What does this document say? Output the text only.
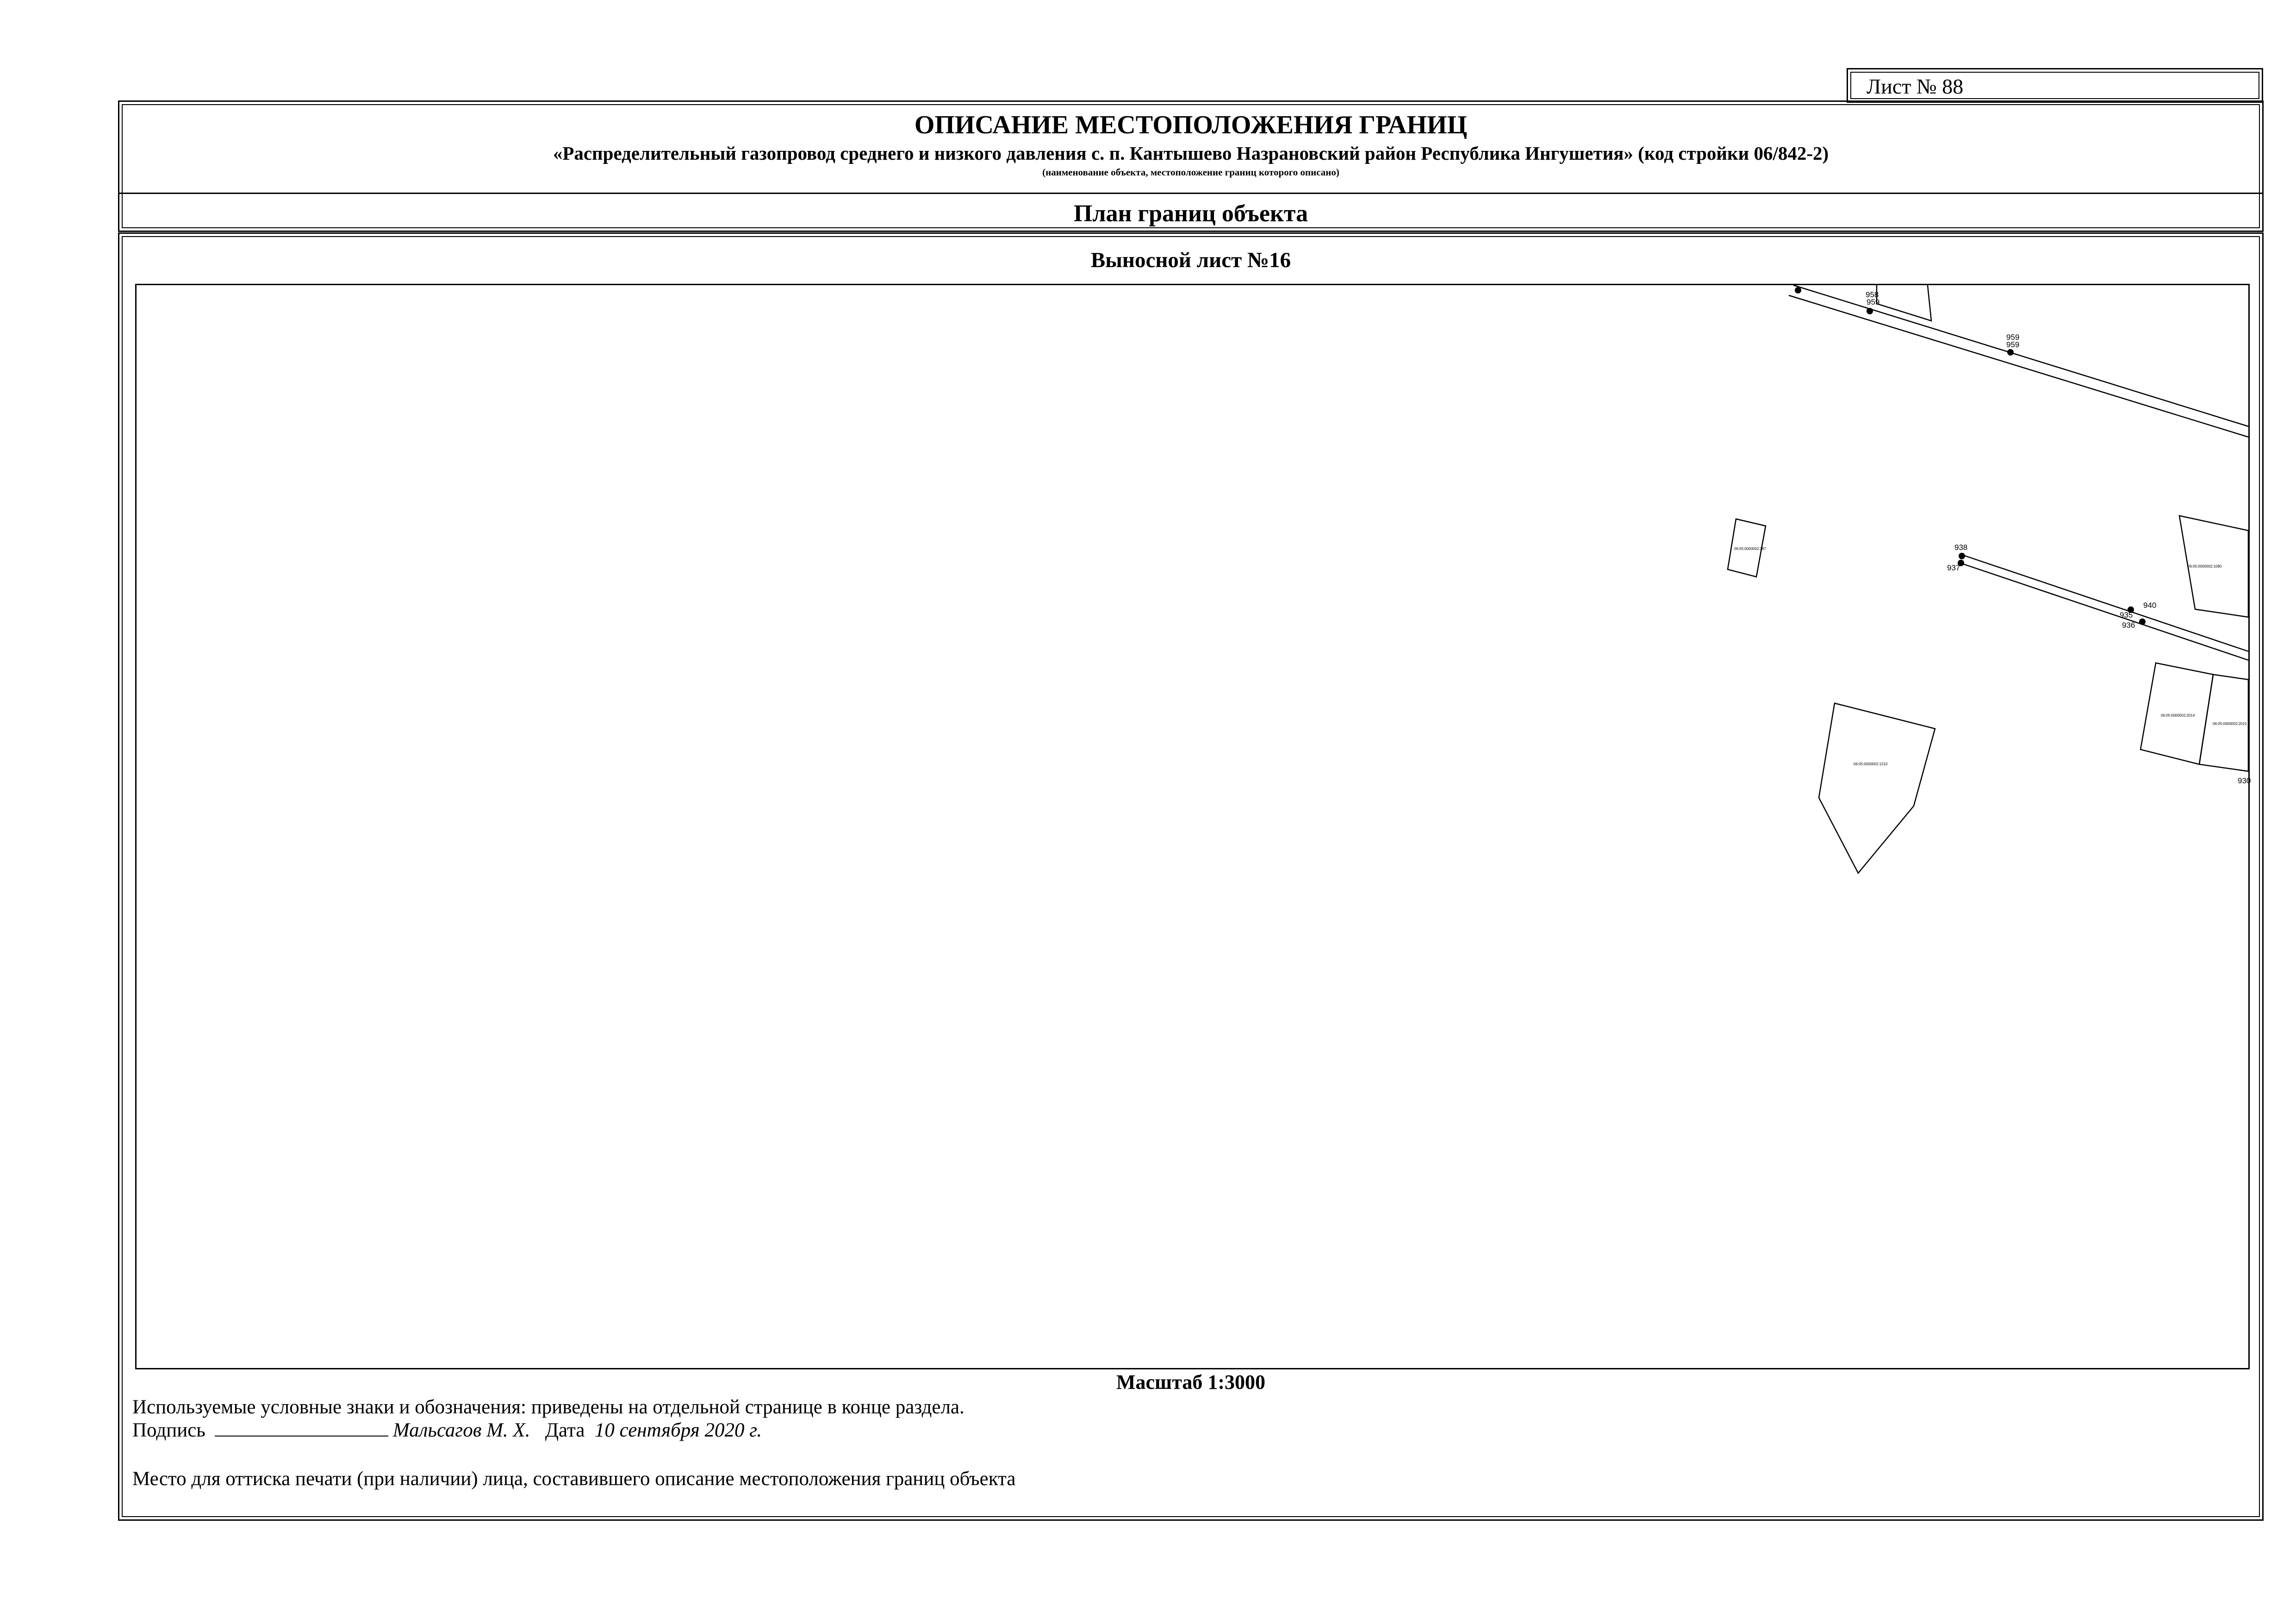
Лист № 88
ОПИСАНИЕ МЕСТОПОЛОЖЕНИЯ ГРАНИЦ
«Распределительный газопровод среднего и низкого давления с. п. Кантышево Назрановский район Республика Ингушетия» (код стройки 06/842-2)
(наименование объекта, местоположение границ которого описано)
План границ объекта
Выносной лист №16
958
959
959
959
938
937
940
935
936
930
06:05:0000002:387
06:05:0000002:1080
06:05:0000002:1210
06:05:0000002:2014
06:05:0000002:2015
Масштаб 1:3000
Используемые условные знаки и обозначения: приведены на отдельной странице в конце раздела.
Подпись	Мальсагов М. Х. Дата 10 сентября 2020 г.
Место для оттиска печати (при наличии) лица, составившего описание местоположения границ объекта
